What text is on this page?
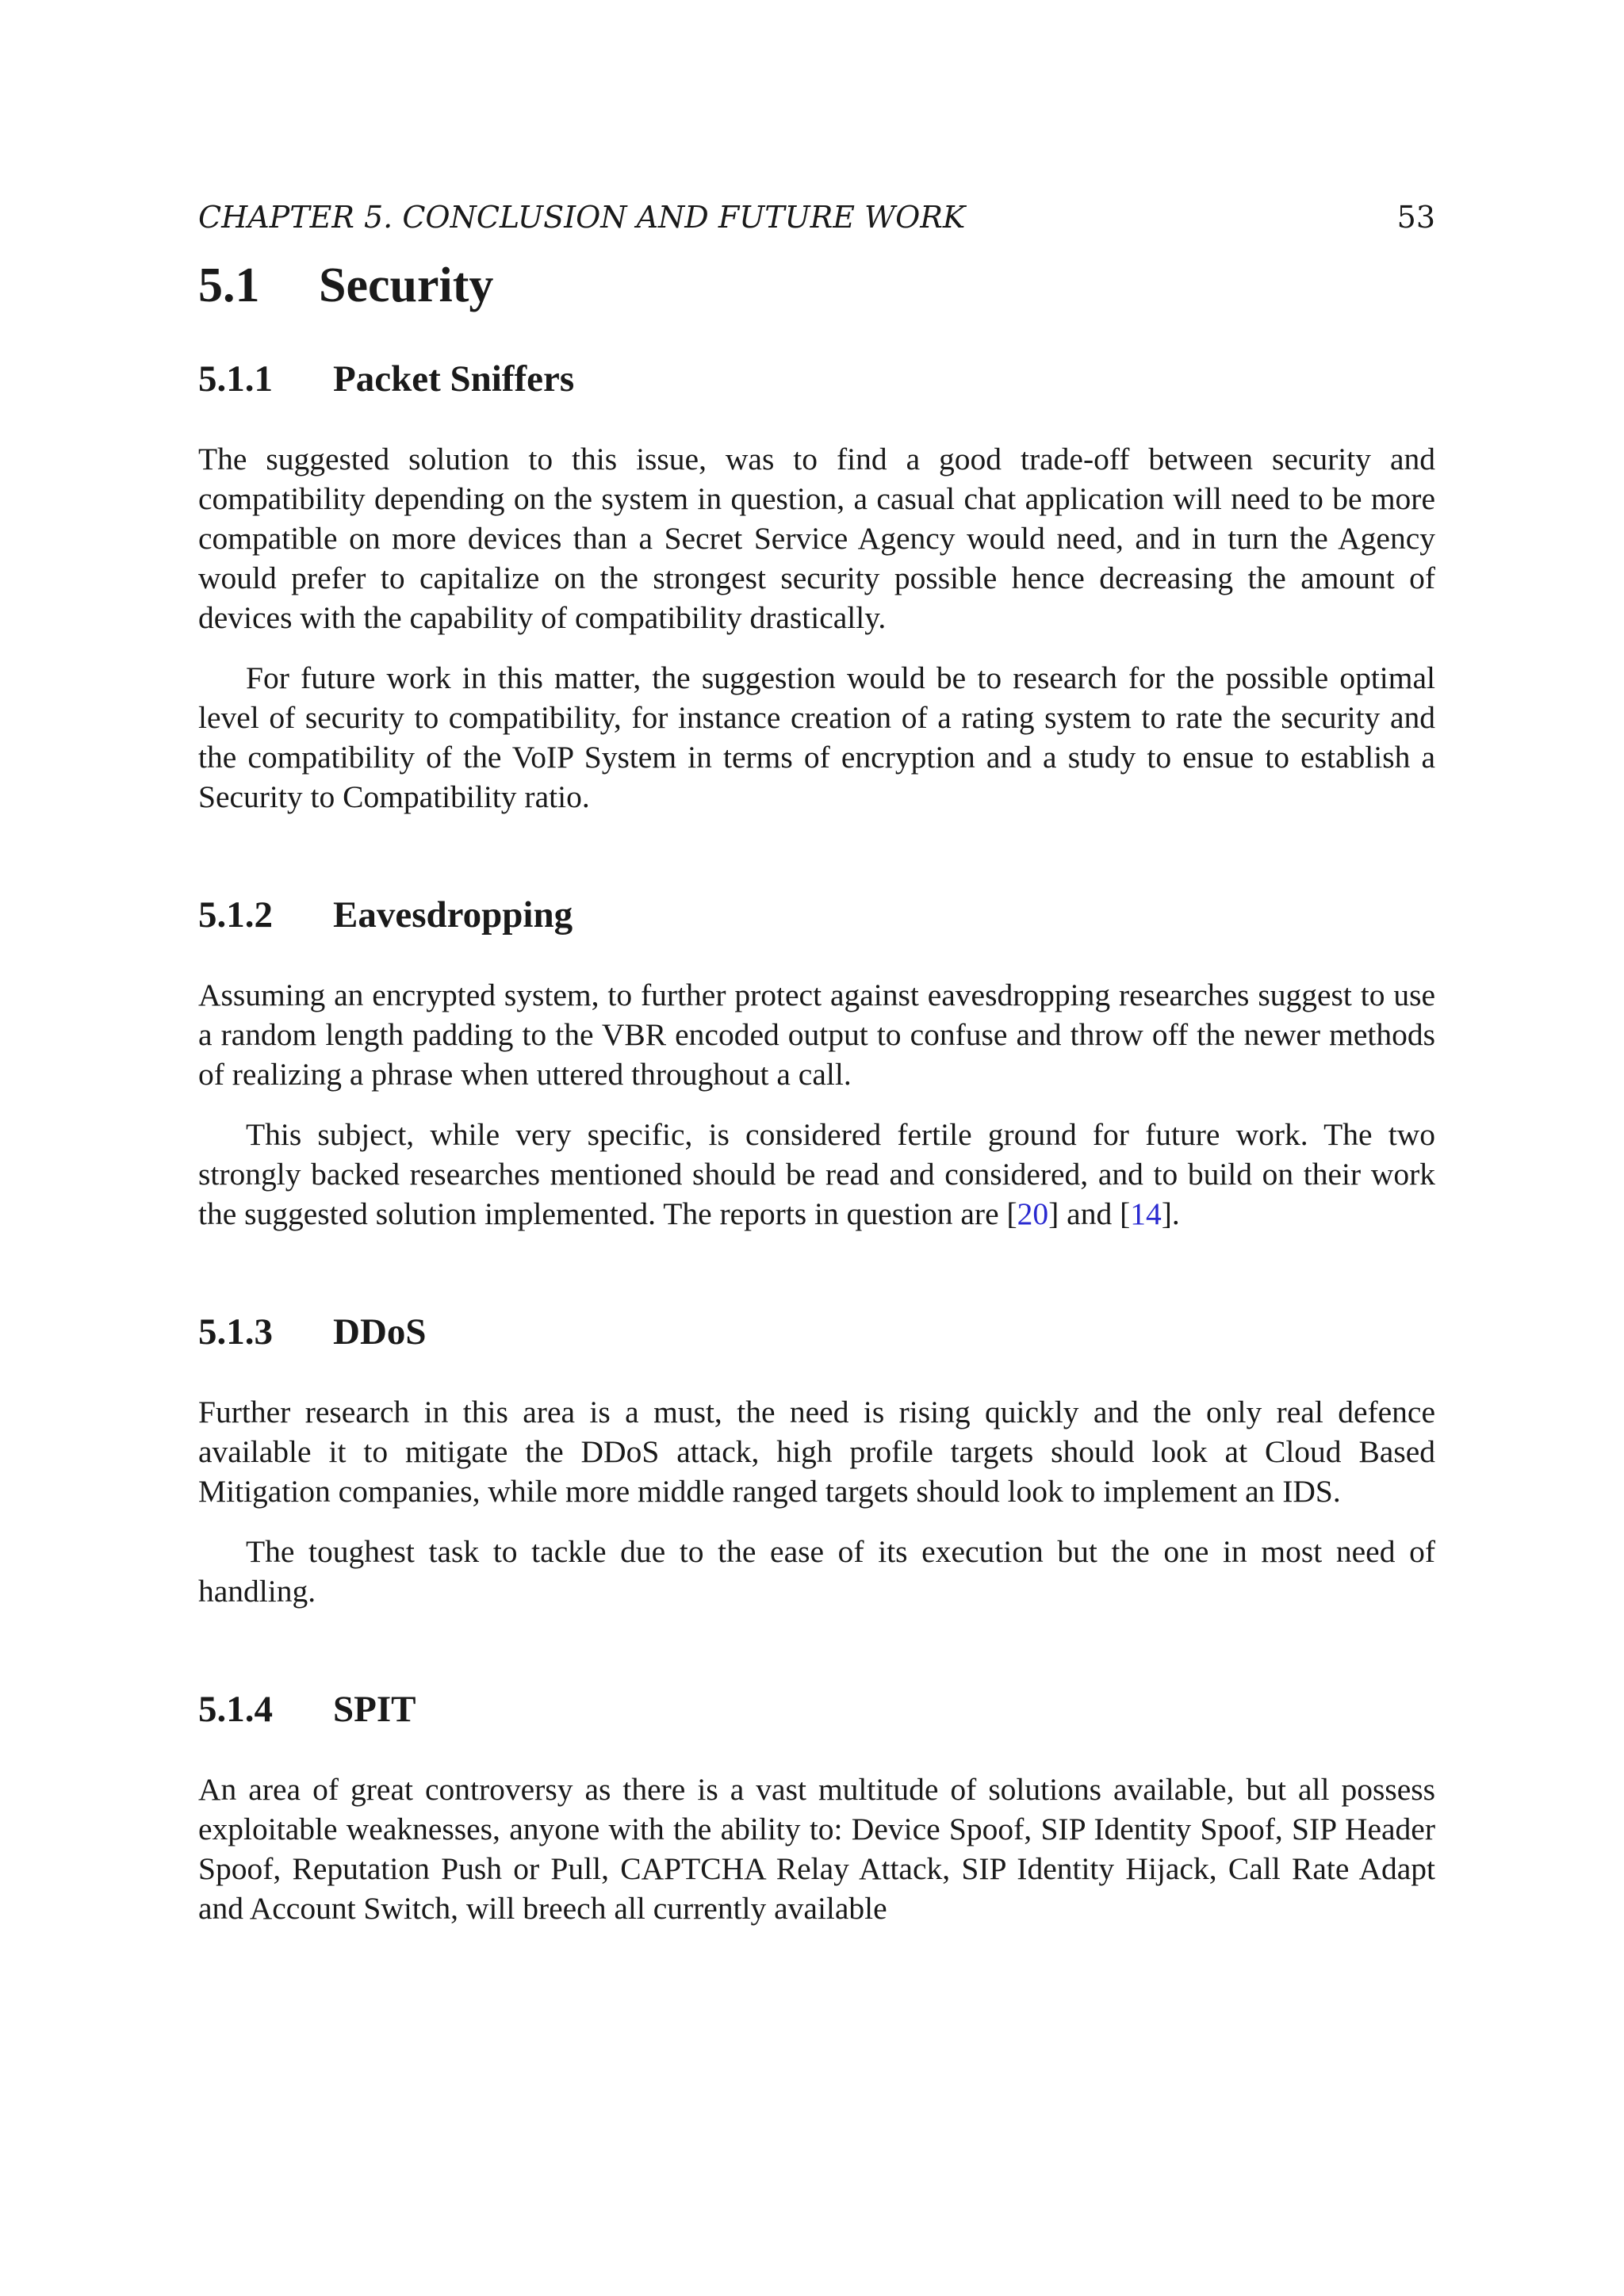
CHAPTER 5. CONCLUSION AND FUTURE WORK	53
5.1	Security
5.1.1	Packet Sniffers

The suggested solution to this issue, was to find a good trade-off between security and compatibility depending on the system in question, a casual chat application will need to be more compatible on more devices than a Secret Service Agency would need, and in turn the Agency would prefer to capitalize on the strongest security possible hence decreasing the amount of devices with the capability of compatibility drastically.

For future work in this matter, the suggestion would be to research for the possible optimal level of security to compatibility, for instance creation of a rating system to rate the security and the compatibility of the VoIP System in terms of encryption and a study to ensue to establish a Security to Compatibility ratio.

5.1.2	Eavesdropping

Assuming an encrypted system, to further protect against eavesdropping researches suggest to use a random length padding to the VBR encoded output to confuse and throw off the newer methods of realizing a phrase when uttered throughout a call.

This subject, while very specific, is considered fertile ground for future work. The two strongly backed researches mentioned should be read and considered, and to build on their work the suggested solution implemented. The reports in question are [20] and [14].

5.1.3	DDoS

Further research in this area is a must, the need is rising quickly and the only real defence available it to mitigate the DDoS attack, high profile targets should look at Cloud Based Mitigation companies, while more middle ranged targets should look to implement an IDS.

The toughest task to tackle due to the ease of its execution but the one in most need of handling.

5.1.4	SPIT

An area of great controversy as there is a vast multitude of solutions available, but all possess exploitable weaknesses, anyone with the ability to: Device Spoof, SIP Identity Spoof, SIP Header Spoof, Reputation Push or Pull, CAPTCHA Relay Attack, SIP Identity Hijack, Call Rate Adapt and Account Switch, will breech all currently available
